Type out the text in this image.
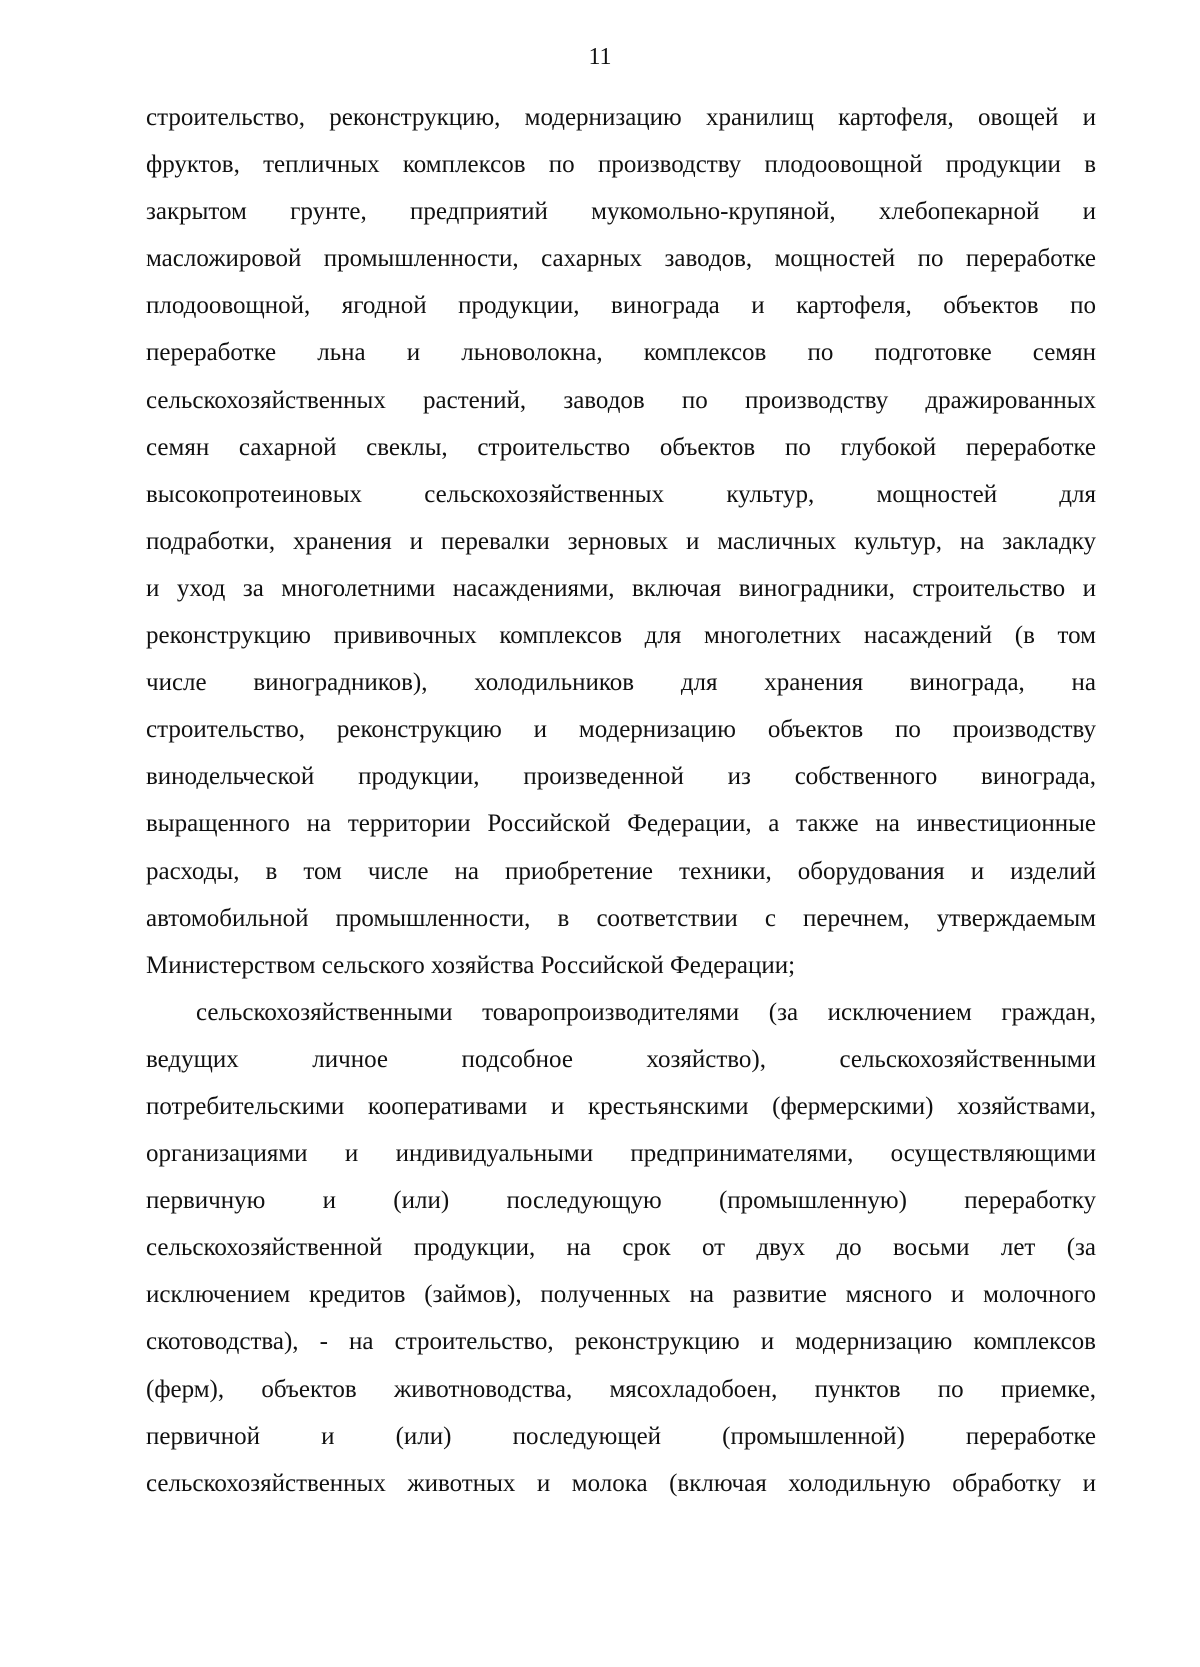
11
строительство, реконструкцию, модернизацию хранилищ картофеля, овощей и
фруктов, тепличных комплексов по производству плодоовощной продукции в
закрытом грунте, предприятий мукомольно-крупяной, хлебопекарной и
масложировой промышленности, сахарных заводов, мощностей по переработке
плодоовощной, ягодной продукции, винограда и картофеля, объектов по
переработке льна и льноволокна, комплексов по подготовке семян
сельскохозяйственных растений, заводов по производству дражированных
семян сахарной свеклы, строительство объектов по глубокой переработке
высокопротеиновых сельскохозяйственных культур, мощностей для
подработки, хранения и перевалки зерновых и масличных культур, на закладку
и уход за многолетними насаждениями, включая виноградники, строительство и
реконструкцию прививочных комплексов для многолетних насаждений (в том
числе виноградников), холодильников для хранения винограда, на
строительство, реконструкцию и модернизацию объектов по производству
винодельческой продукции, произведенной из собственного винограда,
выращенного на территории Российской Федерации, а также на инвестиционные
расходы, в том числе на приобретение техники, оборудования и изделий
автомобильной промышленности, в соответствии с перечнем, утверждаемым
Министерством сельского хозяйства Российской Федерации;
сельскохозяйственными товаропроизводителями (за исключением граждан,
ведущих личное подсобное хозяйство), сельскохозяйственными
потребительскими кооперативами и крестьянскими (фермерскими) хозяйствами,
организациями и индивидуальными предпринимателями, осуществляющими
первичную и (или) последующую (промышленную) переработку
сельскохозяйственной продукции, на срок от двух до восьми лет (за
исключением кредитов (займов), полученных на развитие мясного и молочного
скотоводства), - на строительство, реконструкцию и модернизацию комплексов
(ферм), объектов животноводства, мясохладобоен, пунктов по приемке,
первичной и (или) последующей (промышленной) переработке
сельскохозяйственных животных и молока (включая холодильную обработку и
